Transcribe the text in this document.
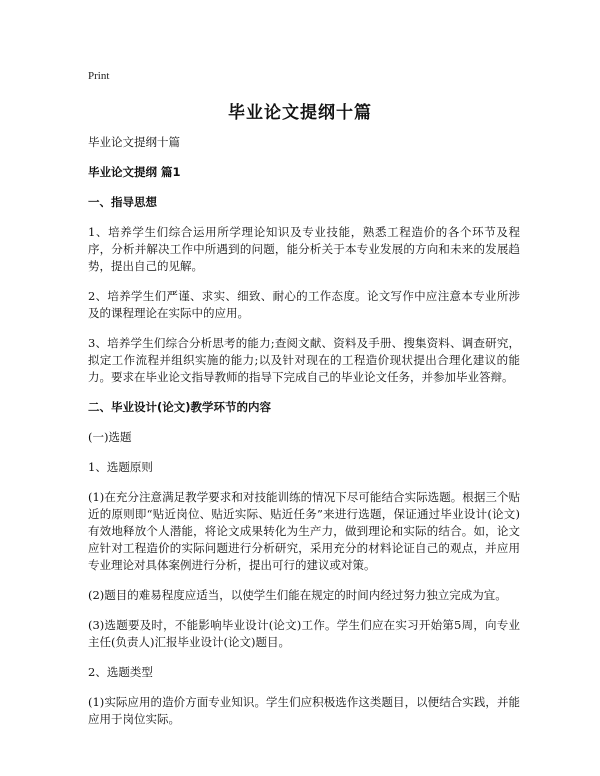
Print
毕业论文提纲十篇

毕业论文提纲十篇

毕业论文提纲 篇1

一、指导思想

1、培养学生们综合运用所学理论知识及专业技能，熟悉工程造价的各个环节及程序，分析并解决工作中所遇到的问题，能分析关于本专业发展的方向和未来的发展趋势，提出自己的见解。

2、培养学生们严谨、求实、细致、耐心的工作态度。论文写作中应注意本专业所涉及的课程理论在实际中的应用。

3、培养学生们综合分析思考的能力;查阅文献、资料及手册、搜集资料、调查研究，拟定工作流程并组织实施的能力;以及针对现在的工程造价现状提出合理化建议的能力。要求在毕业论文指导教师的指导下完成自己的毕业论文任务，并参加毕业答辩。

二、毕业设计(论文)教学环节的内容

(一)选题

1、选题原则

(1)在充分注意满足教学要求和对技能训练的情况下尽可能结合实际选题。根据三个贴近的原则即“贴近岗位、贴近实际、贴近任务”来进行选题，保证通过毕业设计(论文)有效地释放个人潜能，将论文成果转化为生产力，做到理论和实际的结合。如，论文应针对工程造价的实际问题进行分析研究，采用充分的材料论证自己的观点，并应用专业理论对具体案例进行分析，提出可行的建议或对策。

(2)题目的难易程度应适当，以使学生们能在规定的时间内经过努力独立完成为宜。

(3)选题要及时，不能影响毕业设计(论文)工作。学生们应在实习开始第5周，向专业主任(负责人)汇报毕业设计(论文)题目。

2、选题类型

(1)实际应用的造价方面专业知识。学生们应积极选作这类题目，以便结合实践，并能应用于岗位实际。
